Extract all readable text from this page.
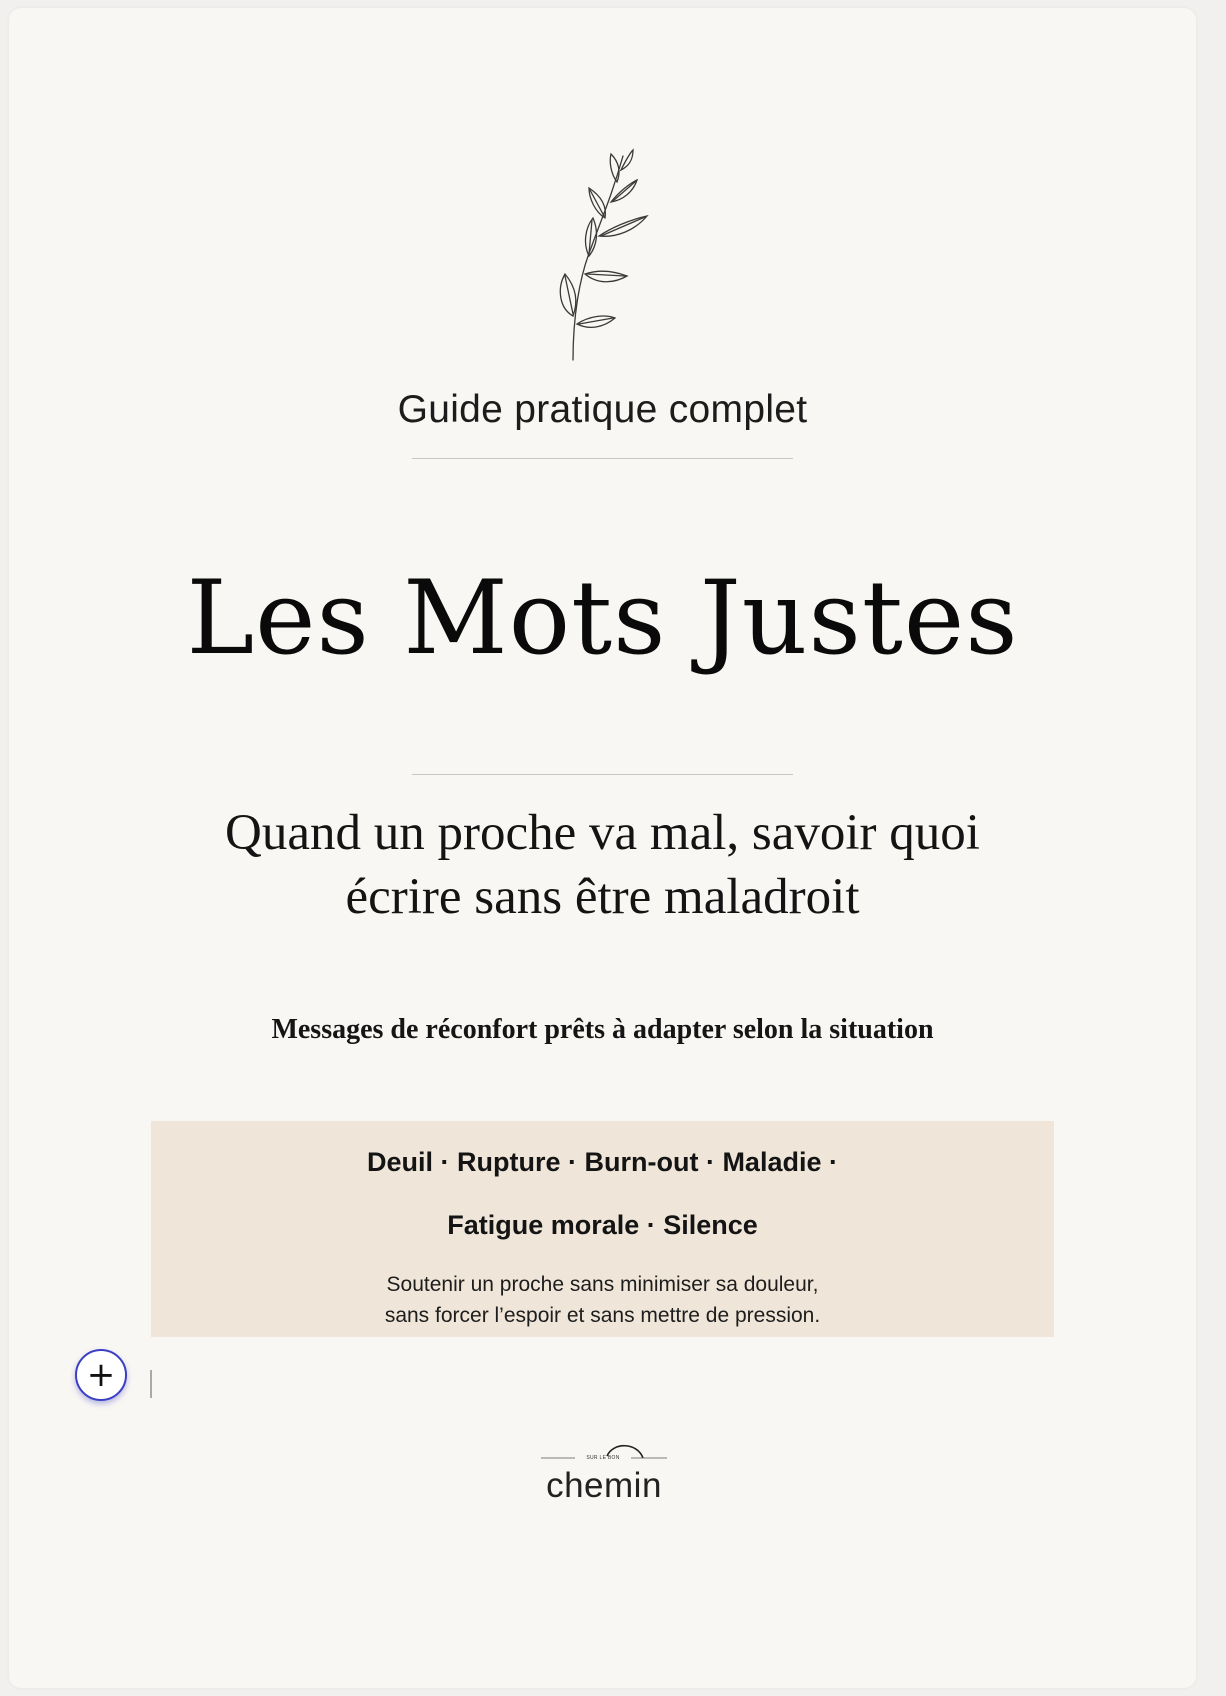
Guide pratique complet
Les Mots Justes
Quand un proche va mal, savoir quoi
écrire sans être maladroit
Messages de réconfort prêts à adapter selon la situation
Deuil · Rupture · Burn-out · Maladie ·
Fatigue morale · Silence
Soutenir un proche sans minimiser sa douleur,
sans forcer l’espoir et sans mettre de pression.
+
SUR LE BON
chemin
